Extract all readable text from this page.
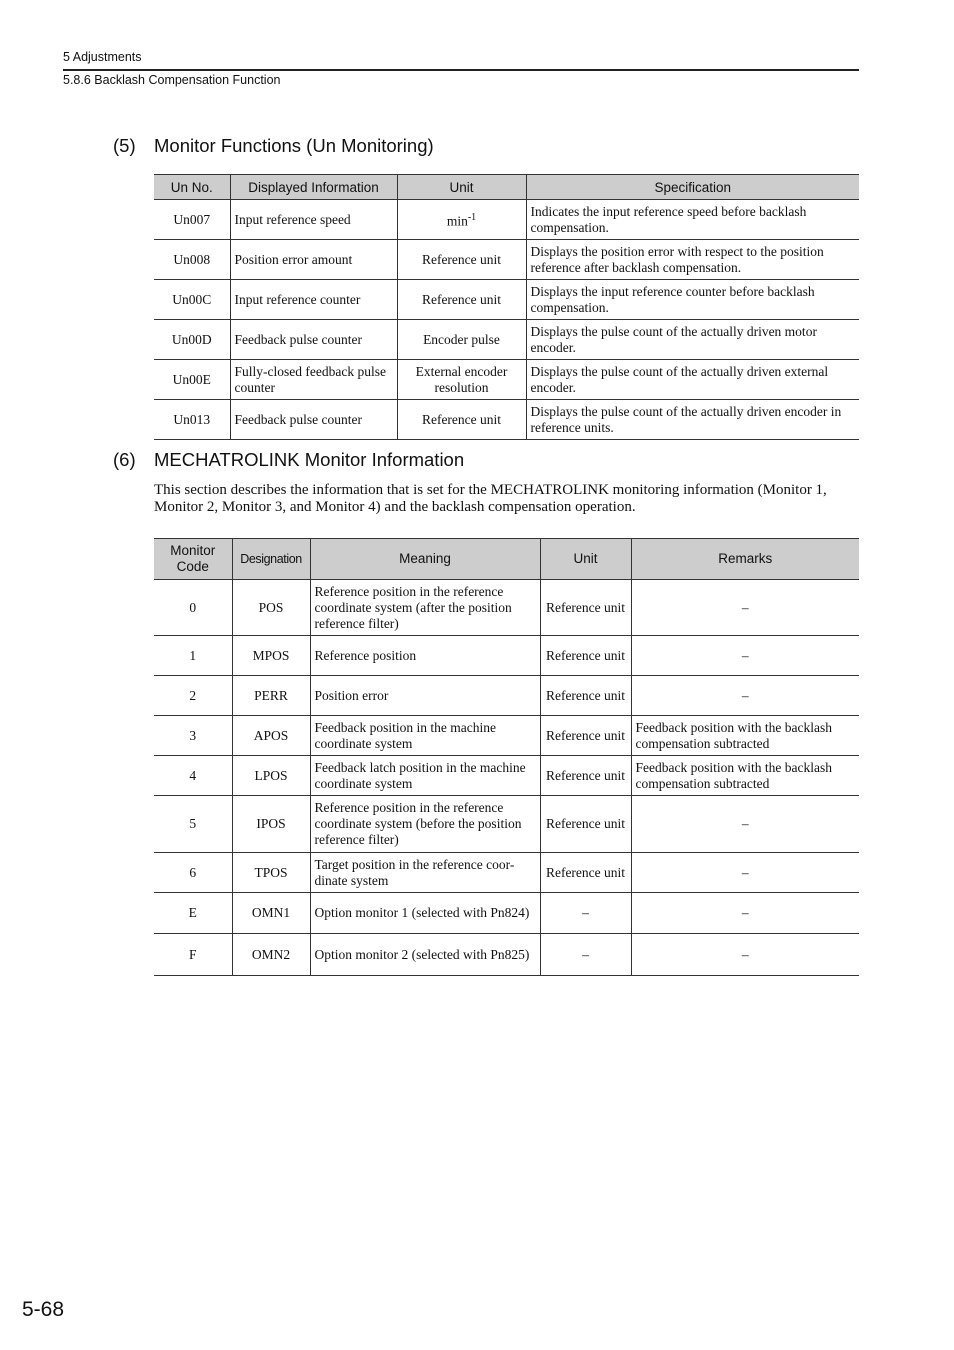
5 Adjustments
5.8.6 Backlash Compensation Function
(5) Monitor Functions (Un Monitoring)
Un No.	Displayed Information	Unit	Specification
Un007	Input reference speed	$\min^{-1}$	Indicates the input reference speed before backlash compensation.
Un008	Position error amount	Reference unit	Displays the position error with respect to the position reference after backlash compensation.
Un00C	Input reference counter	Reference unit	Displays the input reference counter before backlash compensation.
Un00D	Feedback pulse counter	Encoder pulse	Displays the pulse count of the actually driven motor encoder.
Un00E	Fully-closed feedback pulse counter	External encoder resolution	Displays the pulse count of the actually driven external encoder.
Un013	Feedback pulse counter	Reference unit	Displays the pulse count of the actually driven encoder in reference units.
(6) MECHATROLINK Monitor Information
This section describes the information that is set for the MECHATROLINK monitoring information (Monitor 1, Monitor 2, Monitor 3, and Monitor 4) and the backlash compensation operation.
Monitor Code	Designation	Meaning	Unit	Remarks
0	POS	Reference position in the reference coordinate system (after the position reference filter)	Reference unit	–
1	MPOS	Reference position	Reference unit	–
2	PERR	Position error	Reference unit	–
3	APOS	Feedback position in the machine coordinate system	Reference unit	Feedback position with the backlash compensation subtracted
4	LPOS	Feedback latch position in the machine coordinate system	Reference unit	Feedback position with the backlash compensation subtracted
5	IPOS	Reference position in the reference coordinate system (before the position reference filter)	Reference unit	–
6	TPOS	Target position in the reference coor-dinate system	Reference unit	–
E	OMN1	Option monitor 1 (selected with Pn824)	–	–
F	OMN2	Option monitor 2 (selected with Pn825)	–	–
5-68
